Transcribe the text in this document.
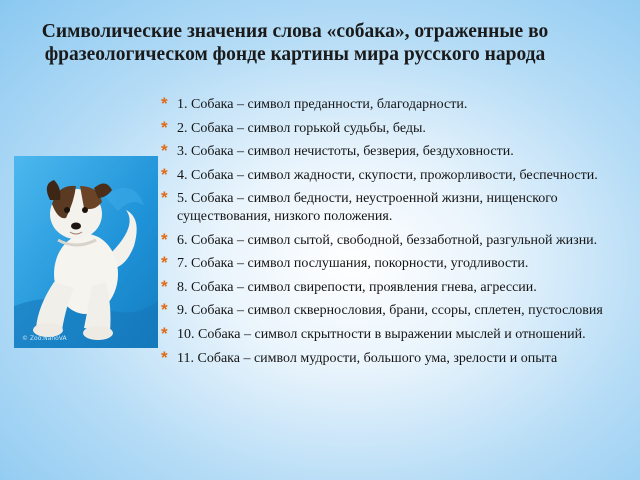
Символические значения слова «собака», отраженные во фразеологическом фонде картины мира русского народа
© Zoo.NanoVA
* 1. Собака – символ преданности, благодарности.
* 2. Собака – символ горькой судьбы, беды.
* 3. Собака – символ нечистоты, безверия, бездуховности.
* 4. Собака – символ жадности, скупости, прожорливости, беспечности.
* 5. Собака – символ бедности, неустроенной жизни, нищенского существования, низкого положения.
* 6. Собака – символ сытой, свободной, беззаботной, разгульной жизни.
* 7. Собака – символ послушания, покорности, угодливости.
* 8. Собака – символ свирепости, проявления гнева, агрессии.
* 9. Собака – символ сквернословия, брани, ссоры, сплетен, пустословия
* 10. Собака – символ скрытности в выражении мыслей и отношений.
* 11. Собака – символ мудрости, большого ума, зрелости и опыта
